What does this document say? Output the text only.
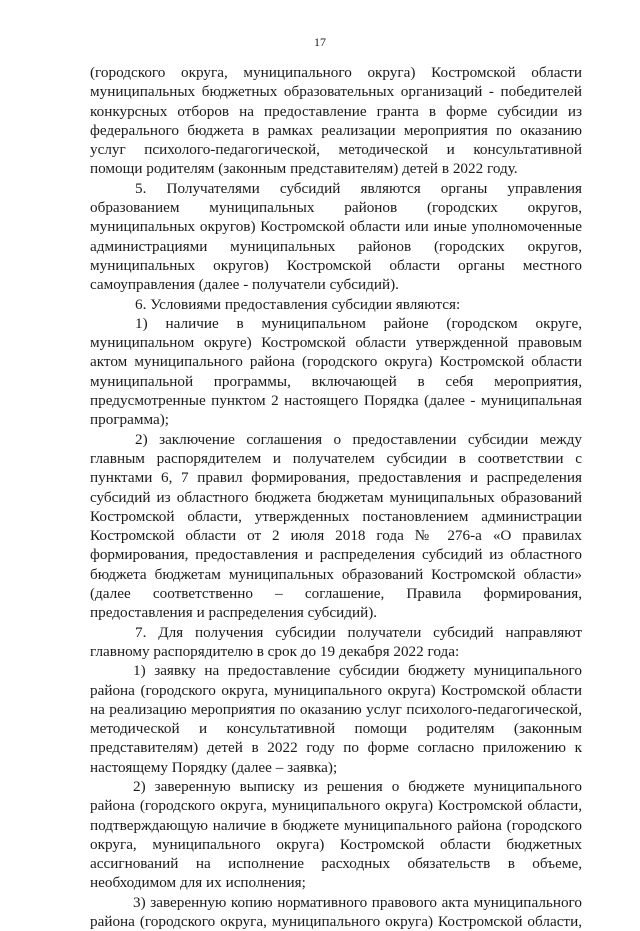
17
(городского округа, муниципального округа) Костромской области
муниципальных бюджетных образовательных организаций - победителей
конкурсных отборов на предоставление гранта в форме субсидии из
федерального бюджета в рамках реализации мероприятия по оказанию
услуг психолого-педагогической, методической и консультативной
помощи родителям (законным представителям) детей в 2022 году.
5. Получателями субсидий являются органы управления
образованием муниципальных районов (городских округов,
муниципальных округов) Костромской области или иные уполномоченные
администрациями муниципальных районов (городских округов,
муниципальных округов) Костромской области органы местного
самоуправления (далее - получатели субсидий).
6. Условиями предоставления субсидии являются:
1) наличие в муниципальном районе (городском округе,
муниципальном округе) Костромской области утвержденной правовым
актом муниципального района (городского округа) Костромской области
муниципальной программы, включающей в себя мероприятия,
предусмотренные пунктом 2 настоящего Порядка (далее - муниципальная
программа);
2) заключение соглашения о предоставлении субсидии между
главным распорядителем и получателем субсидии в соответствии с
пунктами 6, 7 правил формирования, предоставления и распределения
субсидий из областного бюджета бюджетам муниципальных образований
Костромской области, утвержденных постановлением администрации
Костромской области от 2 июля 2018 года № 276-а «О правилах
формирования, предоставления и распределения субсидий из областного
бюджета бюджетам муниципальных образований Костромской области»
(далее соответственно – соглашение, Правила формирования,
предоставления и распределения субсидий).
7. Для получения субсидии получатели субсидий направляют
главному распорядителю в срок до 19 декабря 2022 года:
1) заявку на предоставление субсидии бюджету муниципального
района (городского округа, муниципального округа) Костромской области
на реализацию мероприятия по оказанию услуг психолого-педагогической,
методической и консультативной помощи родителям (законным
представителям) детей в 2022 году по форме согласно приложению к
настоящему Порядку (далее – заявка);
2) заверенную выписку из решения о бюджете муниципального
района (городского округа, муниципального округа) Костромской области,
подтверждающую наличие в бюджете муниципального района (городского
округа, муниципального округа) Костромской области бюджетных
ассигнований на исполнение расходных обязательств в объеме,
необходимом для их исполнения;
3) заверенную копию нормативного правового акта муниципального
района (городского округа, муниципального округа) Костромской области,
